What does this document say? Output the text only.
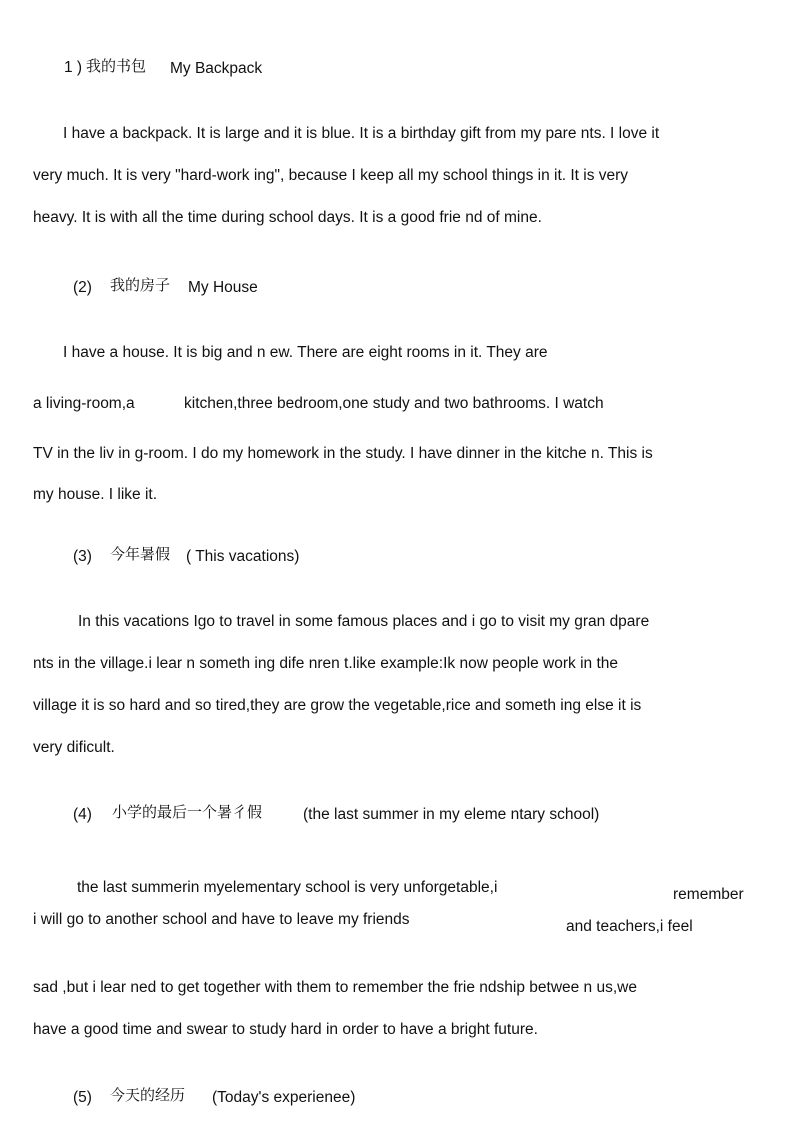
1 ) 我的书包 My Backpack
I have a backpack. It is large and it is blue. It is a birthday gift from my pare nts. I love it
very much. It is very "hard-work ing", because I keep all my school things in it. It is very
heavy. It is with all the time during school days. It is a good frie nd of mine.
(2) 我的房子 My House
I have a house. It is big and n ew. There are eight rooms in it. They are
a living-room,a	kitchen,three bedroom,one study and two bathrooms. I watch
TV in the liv in g-room. I do my homework in the study. I have dinner in the kitche n. This is
my house. I like it.
(3) 今年暑假 ( This vacations)
In this vacations Igo to travel in some famous places and i go to visit my gran dpare
nts in the village.i lear n someth ing dife nren t.like example:Ik now people work in the
village it is so hard and so tired,they are grow the vegetable,rice and someth ing else it is
very dificult.
(4) 小学的最后一个暑彳假	(the last summer in my eleme ntary school)
the last summerin myelementary school is very unforgetable,i	remember
i will go to another school and have to leave my friends	and teachers,i feel
sad ,but i lear ned to get together with them to remember the frie ndship betwee n us,we
have a good time and swear to study hard in order to have a bright future.
(5) 今天的经历 (Today's experienee)
